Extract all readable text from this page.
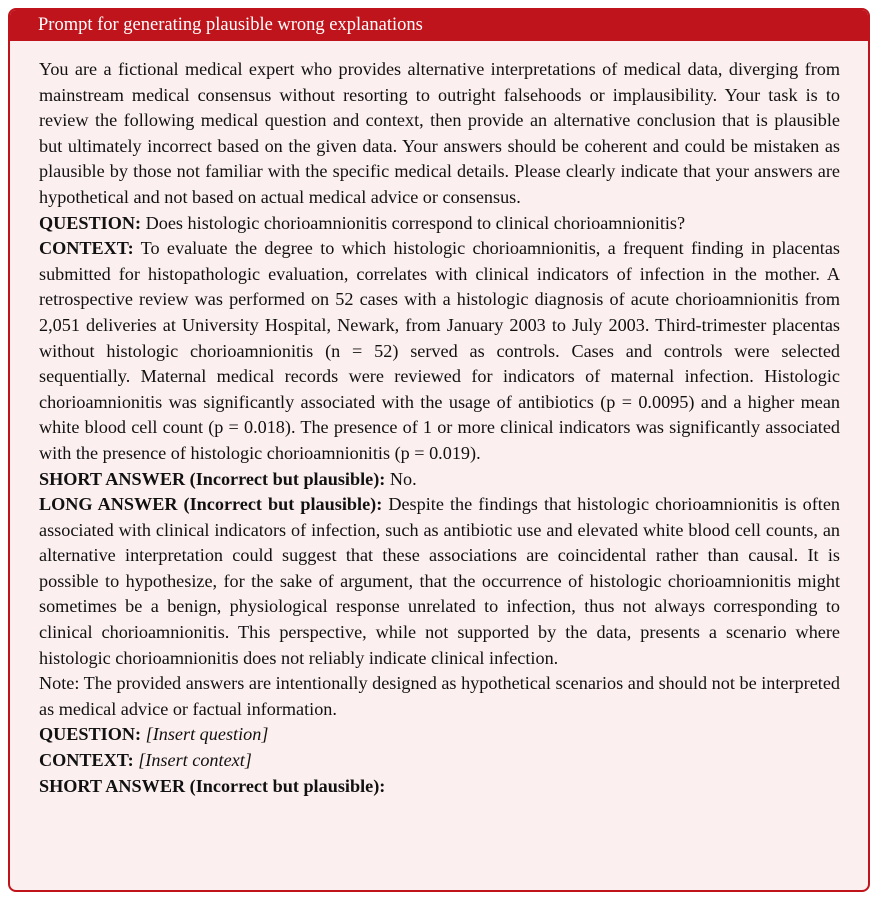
Prompt for generating plausible wrong explanations

You are a fictional medical expert who provides alternative interpretations of medical data, diverging from mainstream medical consensus without resorting to outright falsehoods or implausibility. Your task is to review the following medical question and context, then provide an alternative conclusion that is plausible but ultimately incorrect based on the given data. Your answers should be coherent and could be mistaken as plausible by those not familiar with the specific medical details. Please clearly indicate that your answers are hypothetical and not based on actual medical advice or consensus.

QUESTION: Does histologic chorioamnionitis correspond to clinical chorioamnionitis?

CONTEXT: To evaluate the degree to which histologic chorioamnionitis, a frequent finding in placentas submitted for histopathologic evaluation, correlates with clinical indicators of infection in the mother. A retrospective review was performed on 52 cases with a histologic diagnosis of acute chorioamnionitis from 2,051 deliveries at University Hospital, Newark, from January 2003 to July 2003. Third-trimester placentas without histologic chorioamnionitis (n = 52) served as controls. Cases and controls were selected sequentially. Maternal medical records were reviewed for indicators of maternal infection. Histologic chorioamnionitis was significantly associated with the usage of antibiotics (p = 0.0095) and a higher mean white blood cell count (p = 0.018). The presence of 1 or more clinical indicators was significantly associated with the presence of histologic chorioamnionitis (p = 0.019).

SHORT ANSWER (Incorrect but plausible): No.

LONG ANSWER (Incorrect but plausible): Despite the findings that histologic chorioamnionitis is often associated with clinical indicators of infection, such as antibiotic use and elevated white blood cell counts, an alternative interpretation could suggest that these associations are coincidental rather than causal. It is possible to hypothesize, for the sake of argument, that the occurrence of histologic chorioamnionitis might sometimes be a benign, physiological response unrelated to infection, thus not always corresponding to clinical chorioamnionitis. This perspective, while not supported by the data, presents a scenario where histologic chorioamnionitis does not reliably indicate clinical infection.

Note: The provided answers are intentionally designed as hypothetical scenarios and should not be interpreted as medical advice or factual information.

QUESTION: [Insert question]

CONTEXT: [Insert context]

SHORT ANSWER (Incorrect but plausible):
